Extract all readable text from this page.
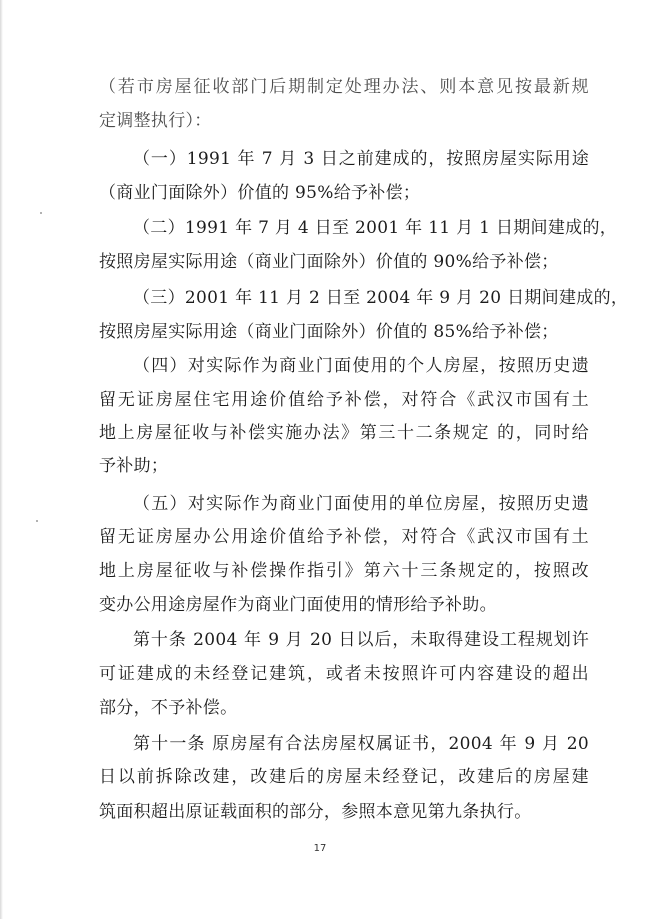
（若市房屋征收部门后期制定处理办法、则本意见按最新规

定调整执行）：

（一）1991 年 7 月 3 日之前建成的，按照房屋实际用途

（商业门面除外）价值的 95%给予补偿；

（二）1991 年 7 月 4 日至 2001 年 11 月 1 日期间建成的，

按照房屋实际用途（商业门面除外）价值的 90%给予补偿；

（三）2001 年 11 月 2 日至 2004 年 9 月 20 日期间建成的，

按照房屋实际用途（商业门面除外）价值的 85%给予补偿；

（四）对实际作为商业门面使用的个人房屋，按照历史遗

留无证房屋住宅用途价值给予补偿，对符合《武汉市国有土

地上房屋征收与补偿实施办法》第三十二条规定 的，同时给

予补助；

（五）对实际作为商业门面使用的单位房屋，按照历史遗

留无证房屋办公用途价值给予补偿，对符合《武汉市国有土

地上房屋征收与补偿操作指引》第六十三条规定的，按照改

变办公用途房屋作为商业门面使用的情形给予补助。

第十条 2004 年 9 月 20 日以后，未取得建设工程规划许

可证建成的未经登记建筑，或者未按照许可内容建设的超出

部分，不予补偿。

第十一条 原房屋有合法房屋权属证书，2004 年 9 月 20

日以前拆除改建，改建后的房屋未经登记，改建后的房屋建

筑面积超出原证载面积的部分，参照本意见第九条执行。

17
